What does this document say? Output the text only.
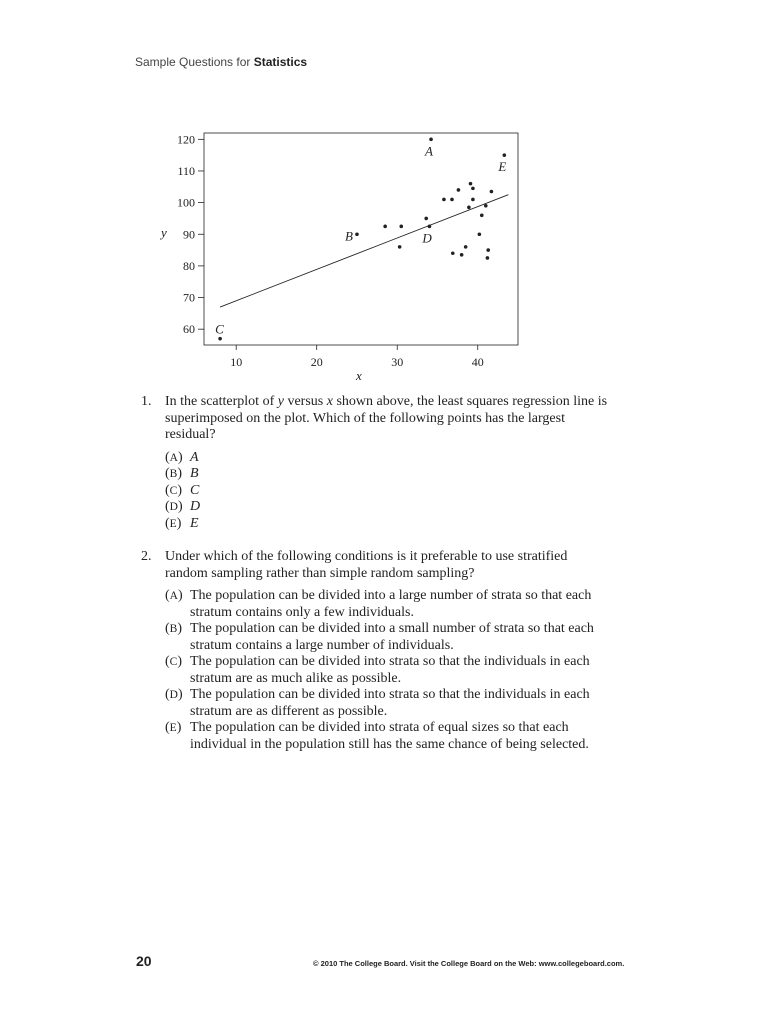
Sample Questions for Statistics
60
70
80
90
100
110
120
10	20	30	40
A
E
B
C
D
y
x
1. In the scatterplot of y versus x shown above, the least squares regression line is superimposed on the plot. Which of the following points has the largest residual?
( A ) A
( B ) B
( C ) C
( D ) D
( E ) E
2. Under which of the following conditions is it preferable to use stratified random sampling rather than simple random sampling?
( A ) The population can be divided into a large number of strata so that each stratum contains only a few individuals.
( B ) The population can be divided into a small number of strata so that each stratum contains a large number of individuals.
( C ) The population can be divided into strata so that the individuals in each stratum are as much alike as possible.
( D ) The population can be divided into strata so that the individuals in each stratum are as different as possible.
( E ) The population can be divided into strata of equal sizes so that each individual in the population still has the same chance of being selected.
20	© 2010 The College Board. Visit the College Board on the Web: www.collegeboard.com.
